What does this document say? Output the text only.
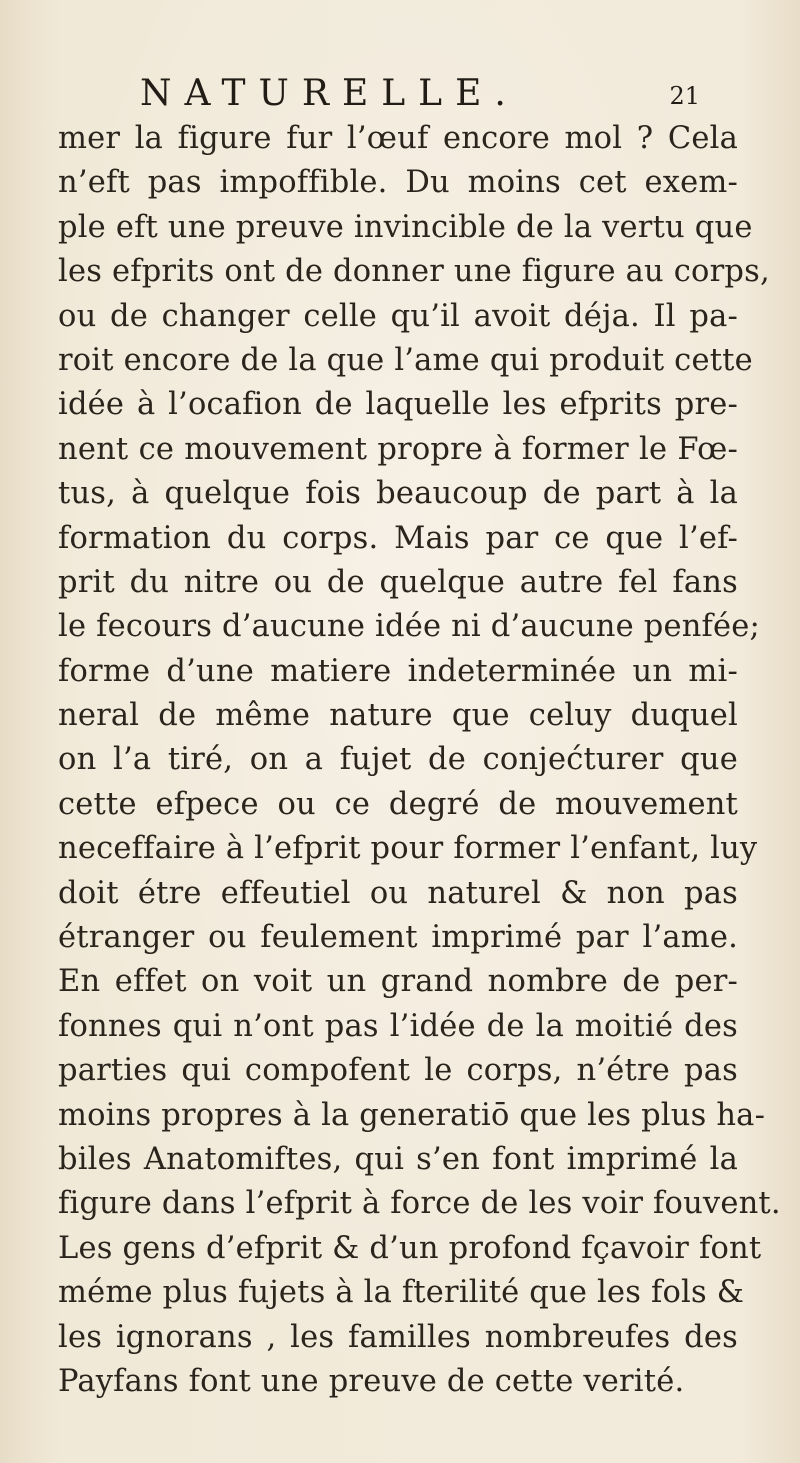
NATURELLE.	21
mer la figure fur l’œuf encore mol ? Cela
n’eft pas impoffible. Du moins cet exem-
ple eft une preuve invincible de la vertu que
les efprits ont de donner une figure au corps,
ou de changer celle qu’il avoit déja. Il pa-
roit encore de la que l’ame qui produit cette
idée à l’ocafion de laquelle les efprits pre-
nent ce mouvement propre à former le Fœ-
tus, à quelque fois beaucoup de part à la
formation du corps. Mais par ce que l’ef-
prit du nitre ou de quelque autre fel fans
le fecours d’aucune idée ni d’aucune penfée;
forme d’une matiere indeterminée un mi-
neral de même nature que celuy duquel
on l’a tiré, on a fujet de conjećturer que
cette efpece ou ce degré de mouvement
neceffaire à l’efprit pour former l’enfant, luy
doit étre effeutiel ou naturel & non pas
étranger ou feulement imprimé par l’ame.
En effet on voit un grand nombre de per-
fonnes qui n’ont pas l’idée de la moitié des
parties qui compofent le corps, n’étre pas
moins propres à la generatiō que les plus ha-
biles Anatomiftes, qui s’en font imprimé la
figure dans l’efprit à force de les voir fouvent.
Les gens d’efprit & d’un profond fçavoir font
méme plus fujets à la fterilité que les fols &
les ignorans , les familles nombreufes des
Payfans font une preuve de cette verité.
